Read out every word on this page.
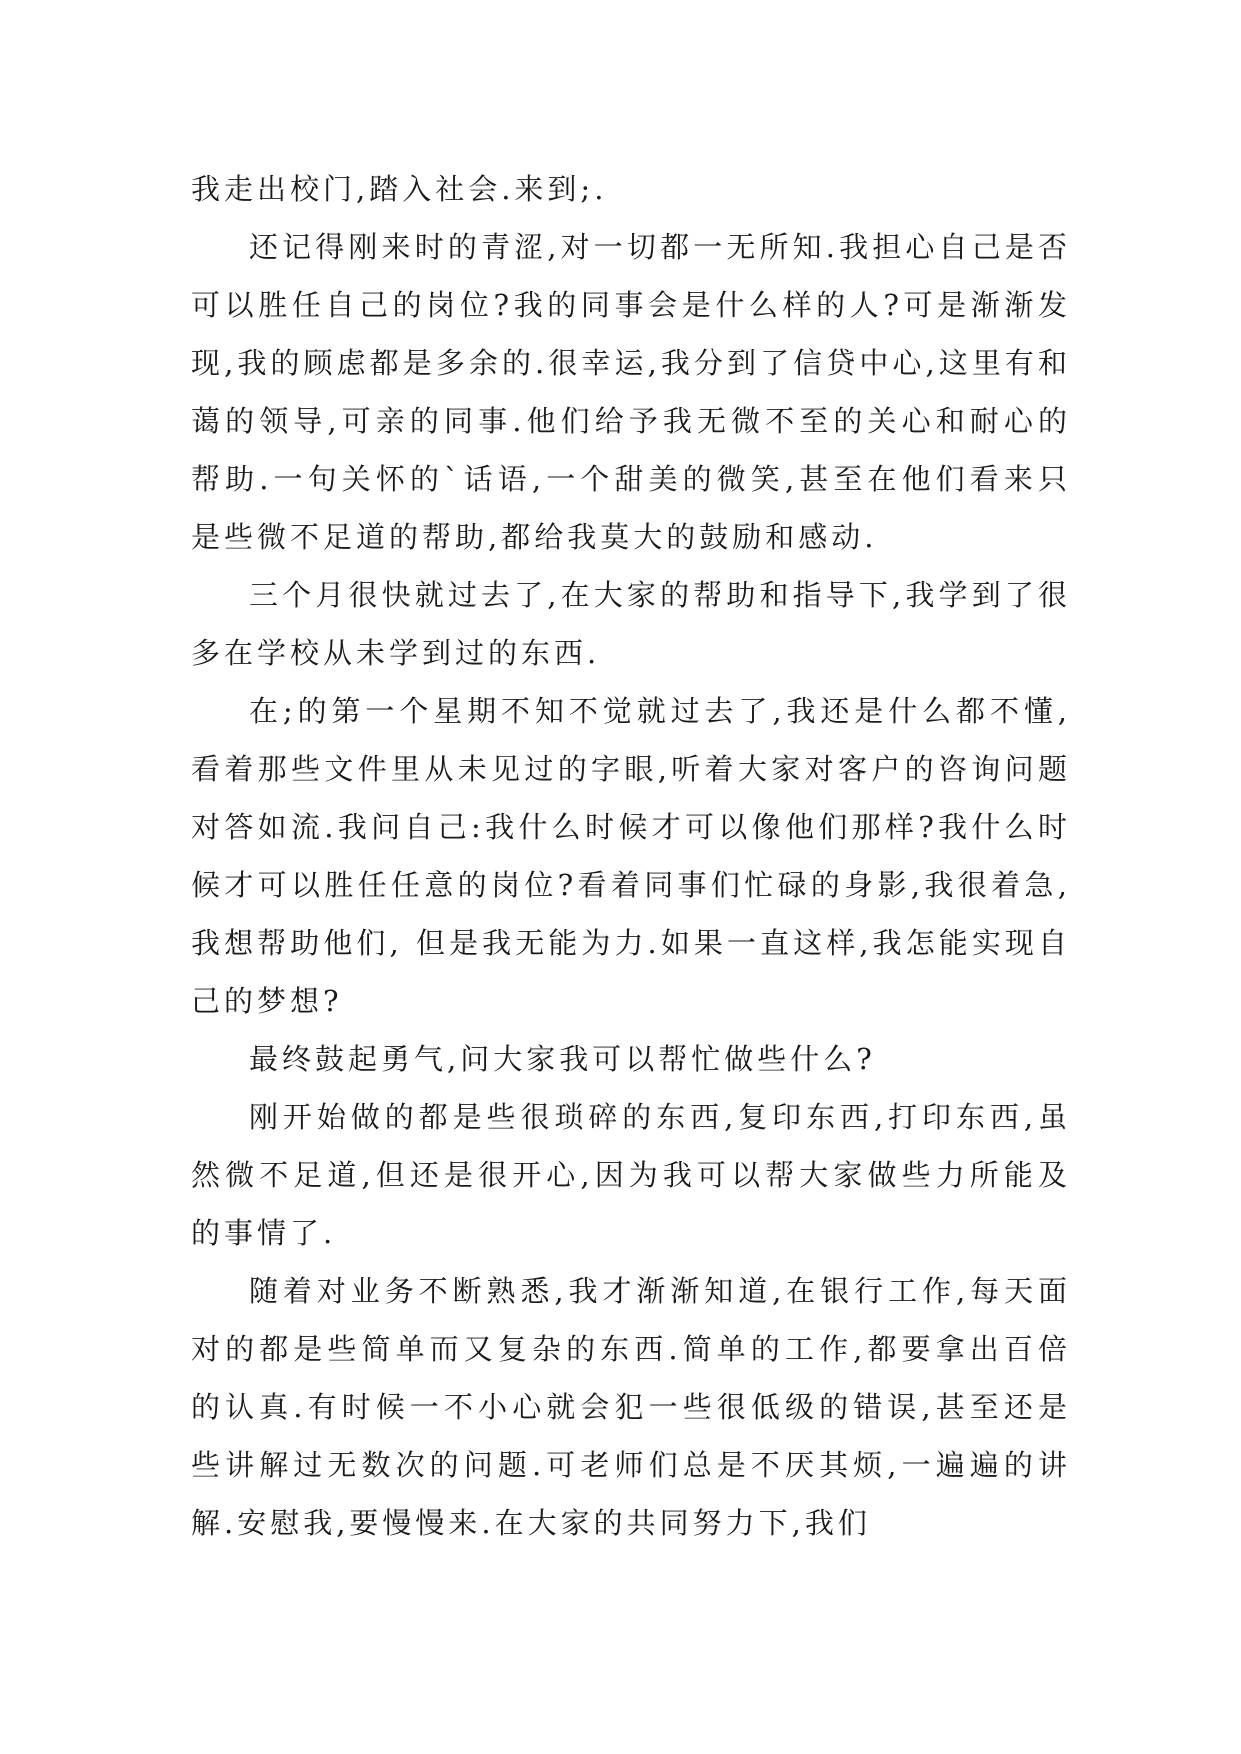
我走出校门,踏入社会.来到;.

还记得刚来时的青涩,对一切都一无所知.我担心自己是否可以胜任自己的岗位?我的同事会是什么样的人?可是渐渐发现,我的顾虑都是多余的.很幸运,我分到了信贷中心,这里有和蔼的领导,可亲的同事.他们给予我无微不至的关心和耐心的帮助.一句关怀的`话语,一个甜美的微笑,甚至在他们看来只是些微不足道的帮助,都给我莫大的鼓励和感动.

三个月很快就过去了,在大家的帮助和指导下,我学到了很多在学校从未学到过的东西.

在;的第一个星期不知不觉就过去了,我还是什么都不懂,看着那些文件里从未见过的字眼,听着大家对客户的咨询问题对答如流.我问自己:我什么时候才可以像他们那样?我什么时候才可以胜任任意的岗位?看着同事们忙碌的身影,我很着急,我想帮助他们, 但是我无能为力.如果一直这样,我怎能实现自己的梦想?

最终鼓起勇气,问大家我可以帮忙做些什么?

刚开始做的都是些很琐碎的东西,复印东西,打印东西,虽然微不足道,但还是很开心,因为我可以帮大家做些力所能及的事情了.

随着对业务不断熟悉,我才渐渐知道,在银行工作,每天面对的都是些简单而又复杂的东西.简单的工作,都要拿出百倍的认真.有时候一不小心就会犯一些很低级的错误,甚至还是些讲解过无数次的问题.可老师们总是不厌其烦,一遍遍的讲解.安慰我,要慢慢来.在大家的共同努力下,我们
